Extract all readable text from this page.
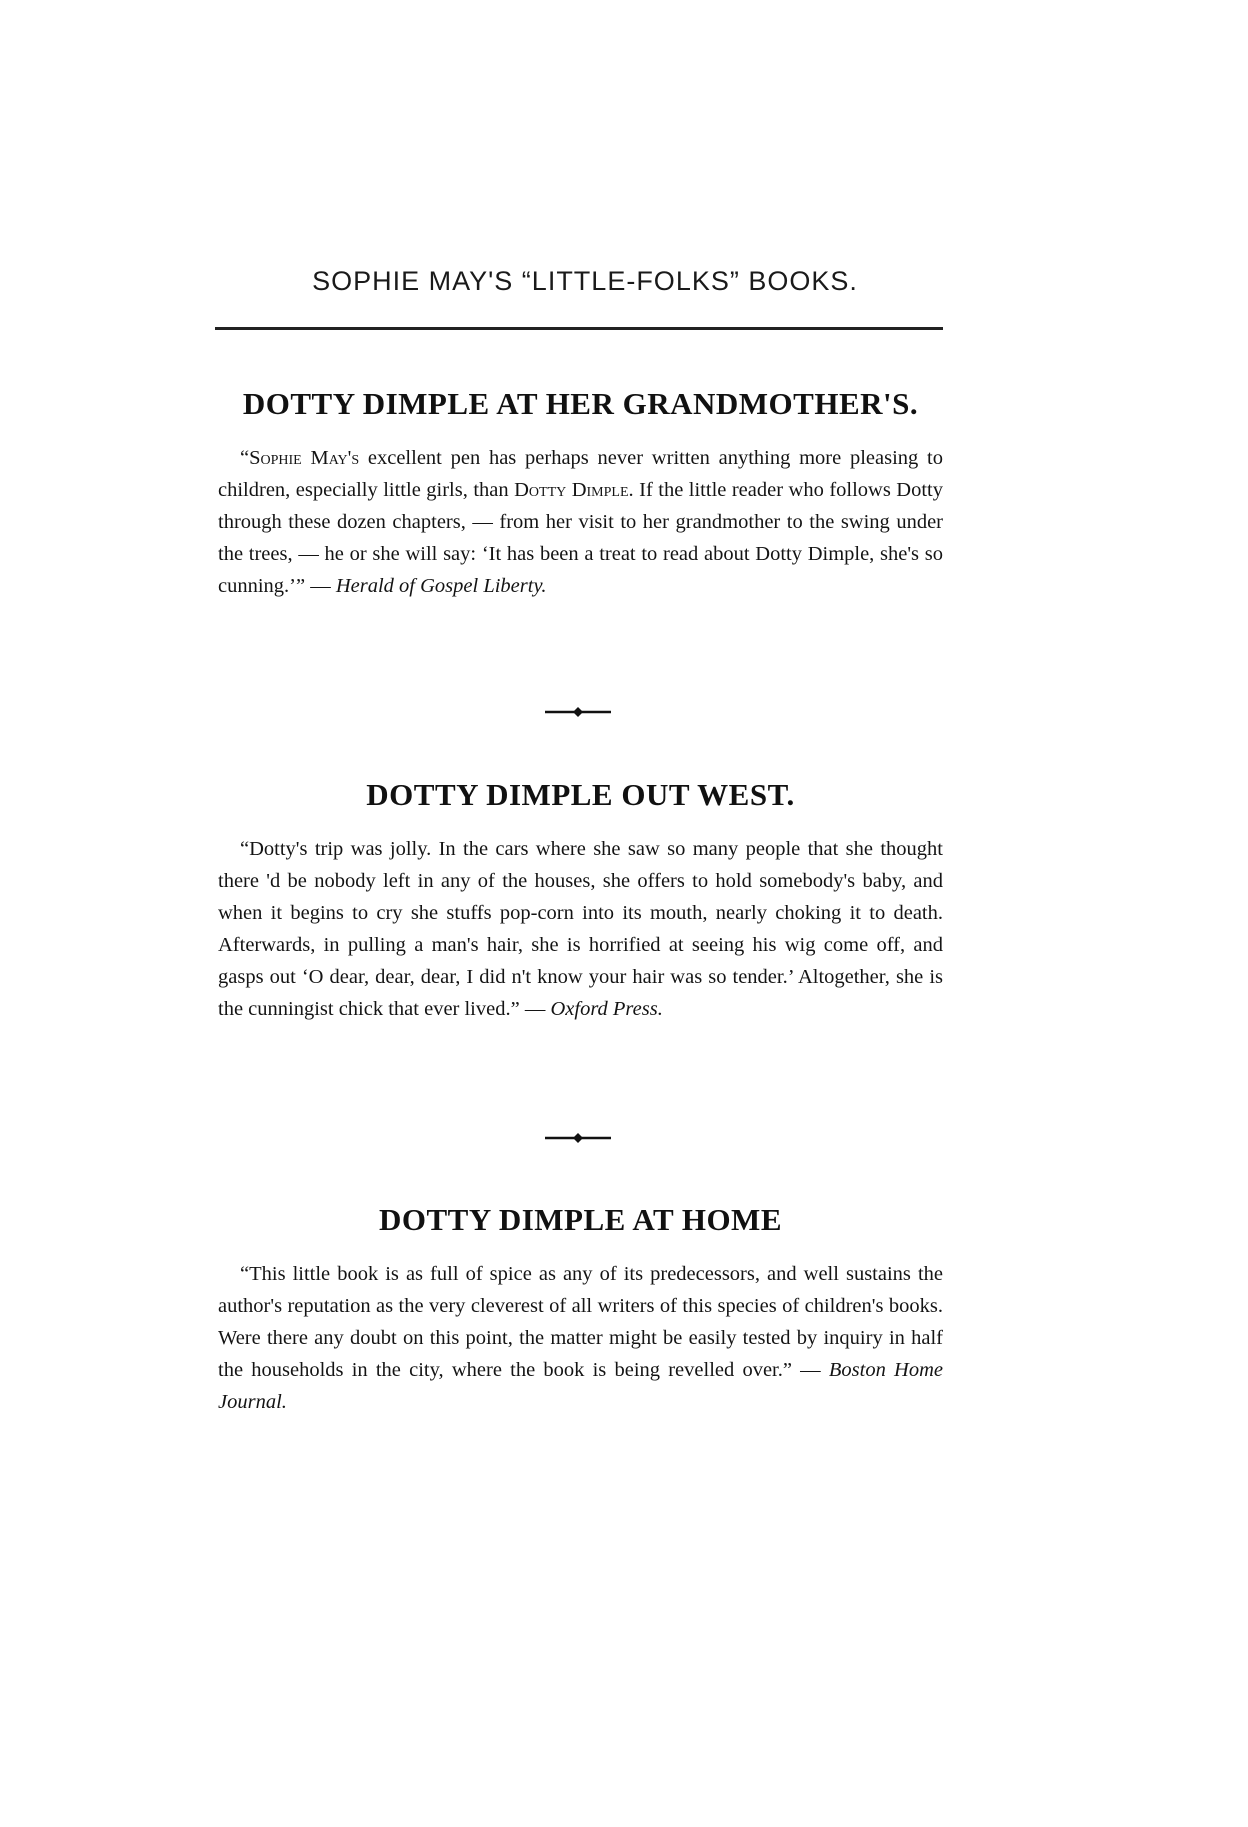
SOPHIE MAY'S “LITTLE-FOLKS” BOOKS.
DOTTY DIMPLE AT HER GRANDMOTHER'S.

“Sophie May's excellent pen has perhaps never written anything more pleasing to children, especially little girls, than Dotty Dimple. If the little reader who follows Dotty through these dozen chapters, — from her visit to her grandmother to the swing under the trees, — he or she will say: ‘It has been a treat to read about Dotty Dimple, she's so cunning.’” — Herald of Gospel Liberty.

DOTTY DIMPLE OUT WEST.

“Dotty's trip was jolly. In the cars where she saw so many people that she thought there 'd be nobody left in any of the houses, she offers to hold somebody's baby, and when it begins to cry she stuffs pop-corn into its mouth, nearly choking it to death. Afterwards, in pulling a man's hair, she is horrified at seeing his wig come off, and gasps out ‘O dear, dear, dear, I did n't know your hair was so tender.’ Altogether, she is the cunningist chick that ever lived.” — Oxford Press.

DOTTY DIMPLE AT HOME

“This little book is as full of spice as any of its predecessors, and well sustains the author's reputation as the very cleverest of all writers of this species of children's books. Were there any doubt on this point, the matter might be easily tested by inquiry in half the households in the city, where the book is being revelled over.” — Boston Home Journal.
